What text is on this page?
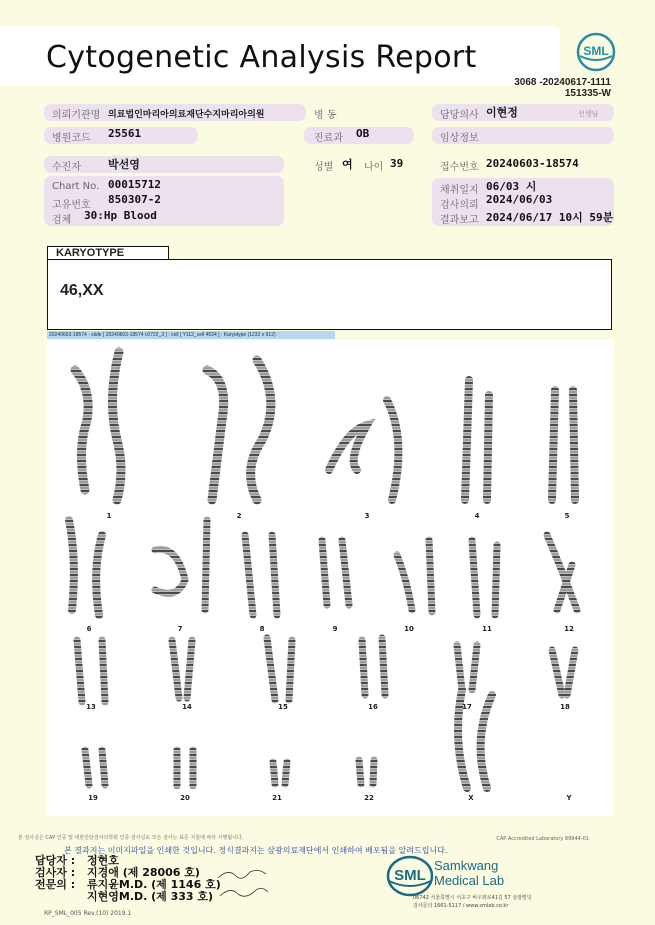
Cytogenetic Analysis Report	SML
3068 -20240617-1111
151335-W
의뢰기관명 의료법인마리아의료재단수지마리아의원	병 동	담당의사 이현정	선생님
병원코드 25561	진료과 OB	임상정보
수진자 박선영	성별 여 나이 39	접수번호 20240603-18574
Chart No. 00015712
고유번호 850307-2
검체 30:Hp Blood
채취일지 06/03 시
검사의뢰 2024/06/03
결과보고 2024/06/17 10시 59분
KARYOTYPE
46,XX
20240603-18574 - slide [ 20240603-18574 c0722_3 ] : cell [ Y112_cell 4534 ] : Karyotype (1232 x 912)
1	2	3	4	5
6	7	8	9	10	11	12
13	14	15	16	17	18
19	20	21	22	X	Y
본 검사실은 CAP 인증 및 대한진단검사의학회 인증 검사실로 모든 검사는 표준 지침에 따라 시행됩니다.	CAP Accredited Laboratory 89944-01
본 결과지는 이미지파일을 인쇄한 것입니다. 정식결과지는 삼광의료재단에서 인쇄하여 배포됨을 알려드립니다.
담당자 : 정현호
검사자 : 지경애 (제 28006 호)
전문의 : 류지윤M.D. (제 1146 호)
지현영M.D. (제 333 호)
SML
Samkwang
Medical Lab
06742 서울특별시 서초구 바우뫼로41길 57 삼광빌딩
검사문의 1661-5117 / www.smlab.co.kr
RP_SML_005 Rev.(10) 2019.1
